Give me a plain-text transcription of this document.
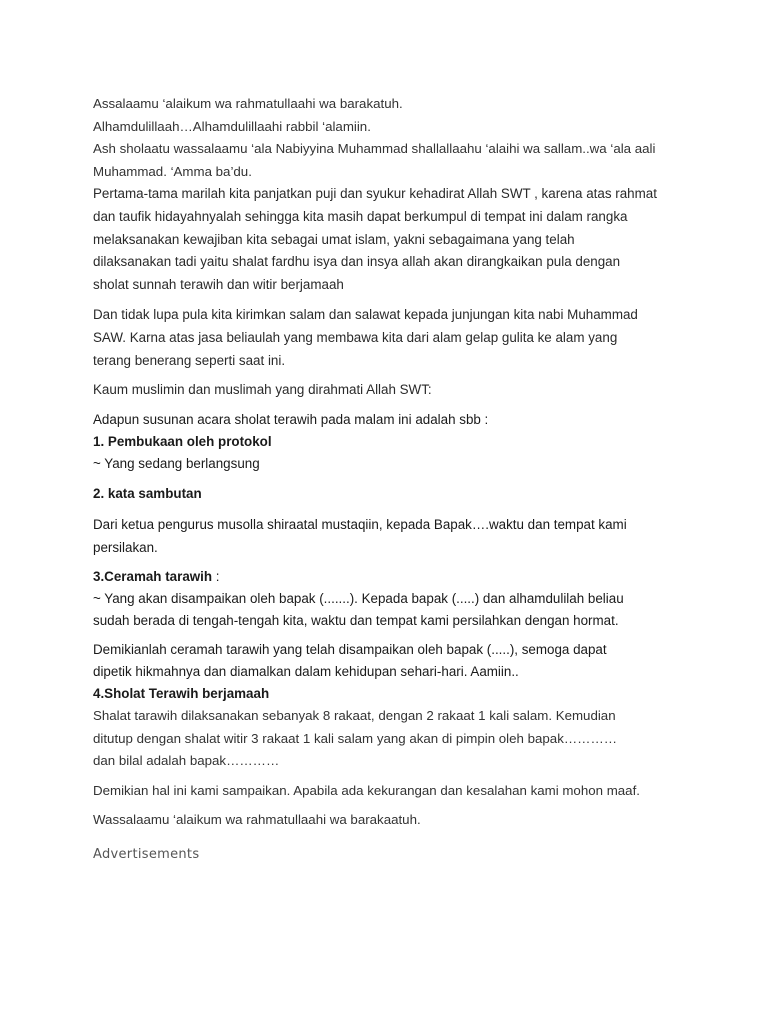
Assalaamu ‘alaikum wa rahmatullaahi wa barakatuh.
Alhamdulillaah…Alhamdulillaahi rabbil ‘alamiin.
Ash sholaatu wassalaamu ‘ala Nabiyyina Muhammad shallallaahu ‘alaihi wa sallam..wa ‘ala aali
Muhammad. ‘Amma ba’du.
Pertama-tama marilah kita panjatkan puji dan syukur kehadirat Allah SWT , karena atas rahmat
dan taufik hidayahnyalah sehingga kita masih dapat berkumpul di tempat ini dalam rangka
melaksanakan kewajiban kita sebagai umat islam, yakni sebagaimana yang telah
dilaksanakan tadi yaitu shalat fardhu isya dan insya allah akan dirangkaikan pula dengan
sholat sunnah terawih dan witir berjamaah
Dan tidak lupa pula kita kirimkan salam dan salawat kepada junjungan kita nabi Muhammad
SAW. Karna atas jasa beliaulah yang membawa kita dari alam gelap gulita ke alam yang
terang benerang seperti saat ini.
Kaum muslimin dan muslimah yang dirahmati Allah SWT:
Adapun susunan acara sholat terawih pada malam ini adalah sbb :
1. Pembukaan oleh protokol
~ Yang sedang berlangsung
2. kata sambutan
Dari ketua pengurus musolla shiraatal mustaqiin, kepada Bapak….waktu dan tempat kami
persilakan.
3.Ceramah tarawih :
~ Yang akan disampaikan oleh bapak (.......). Kepada bapak (.....) dan alhamdulilah beliau
sudah berada di tengah-tengah kita, waktu dan tempat kami persilahkan dengan hormat.
Demikianlah ceramah tarawih yang telah disampaikan oleh bapak (.....), semoga dapat
dipetik hikmahnya dan diamalkan dalam kehidupan sehari-hari. Aamiin..
4.Sholat Terawih berjamaah
Shalat tarawih dilaksanakan sebanyak 8 rakaat, dengan 2 rakaat 1 kali salam. Kemudian
ditutup dengan shalat witir 3 rakaat 1 kali salam yang akan di pimpin oleh bapak…………
dan bilal adalah bapak…………
Demikian hal ini kami sampaikan. Apabila ada kekurangan dan kesalahan kami mohon maaf.
Wassalaamu ‘alaikum wa rahmatullaahi wa barakaatuh.
Advertisements
